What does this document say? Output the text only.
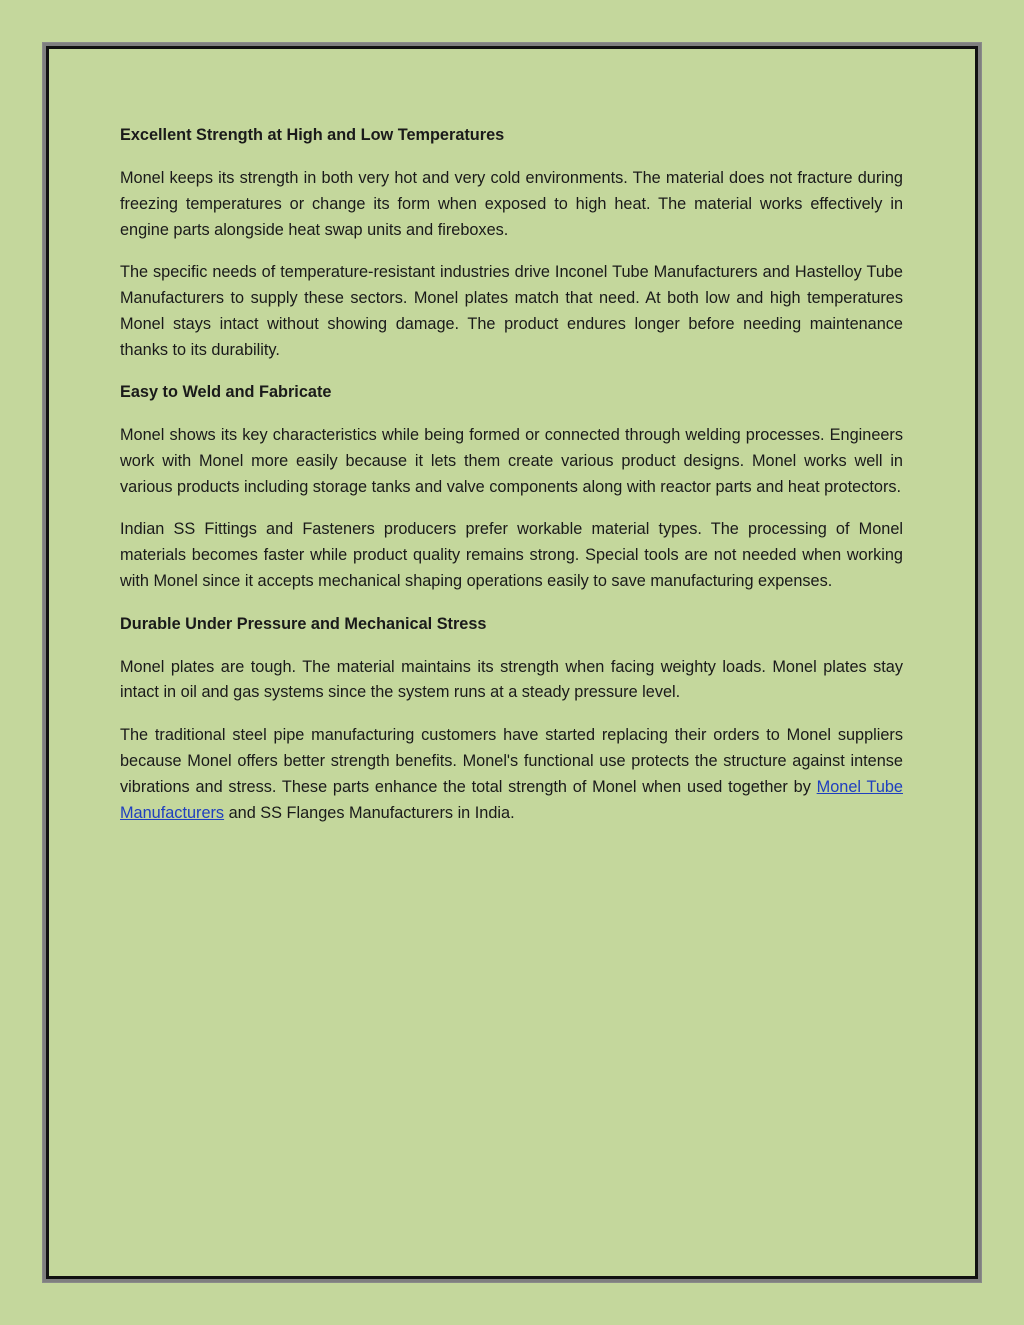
Excellent Strength at High and Low Temperatures

Monel keeps its strength in both very hot and very cold environments. The material does not fracture during freezing temperatures or change its form when exposed to high heat. The material works effectively in engine parts alongside heat swap units and fireboxes.

The specific needs of temperature-resistant industries drive Inconel Tube Manufacturers and Hastelloy Tube Manufacturers to supply these sectors. Monel plates match that need. At both low and high temperatures Monel stays intact without showing damage. The product endures longer before needing maintenance thanks to its durability.

Easy to Weld and Fabricate

Monel shows its key characteristics while being formed or connected through welding processes. Engineers work with Monel more easily because it lets them create various product designs. Monel works well in various products including storage tanks and valve components along with reactor parts and heat protectors.

Indian SS Fittings and Fasteners producers prefer workable material types. The processing of Monel materials becomes faster while product quality remains strong. Special tools are not needed when working with Monel since it accepts mechanical shaping operations easily to save manufacturing expenses.

Durable Under Pressure and Mechanical Stress

Monel plates are tough. The material maintains its strength when facing weighty loads. Monel plates stay intact in oil and gas systems since the system runs at a steady pressure level.

The traditional steel pipe manufacturing customers have started replacing their orders to Monel suppliers because Monel offers better strength benefits. Monel's functional use protects the structure against intense vibrations and stress. These parts enhance the total strength of Monel when used together by Monel Tube Manufacturers and SS Flanges Manufacturers in India.
